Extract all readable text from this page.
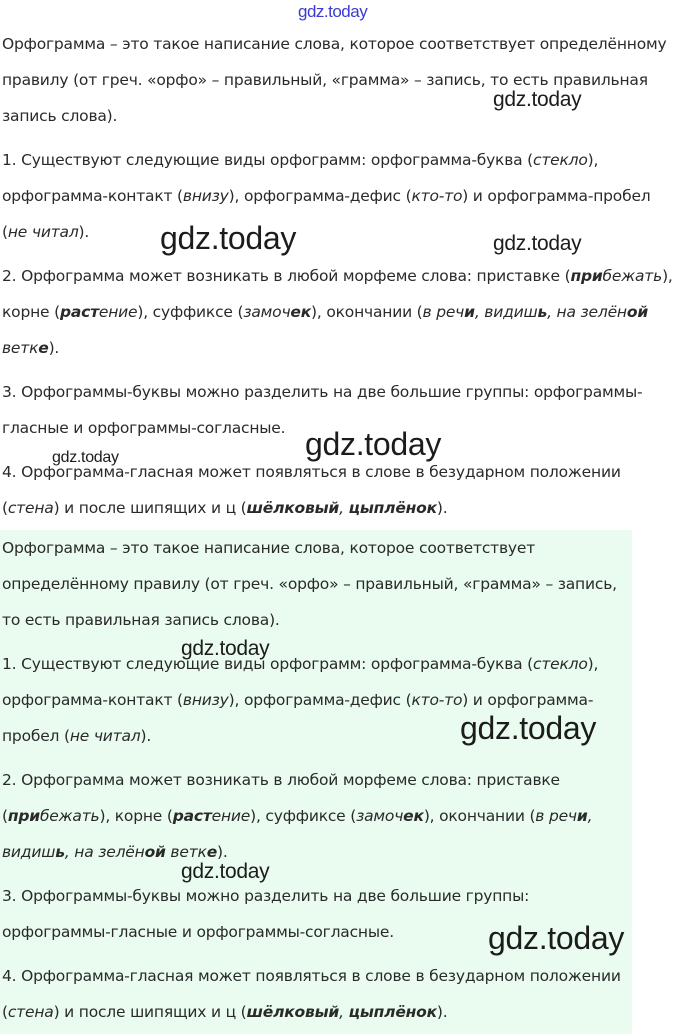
gdz.today

Орфограмма – это такое написание слова, которое соответствует определённому правилу (от греч. «орфо» – правильный, «грамма» – запись, то есть правильная запись слова).

1. Существуют следующие виды орфограмм: орфограмма-буква (стекло), орфограмма-контакт (внизу), орфограмма-дефис (кто-то) и орфограмма-пробел (не читал).

2. Орфограмма может возникать в любой морфеме слова: приставке (прибежать), корне (растение), суффиксе (замочек), окончании (в речи, видишь, на зелёной ветке).

3. Орфограммы-буквы можно разделить на две большие группы: орфограммы-гласные и орфограммы-согласные.

4. Орфограмма-гласная может появляться в слове в безударном положении (стена) и после шипящих и ц (шёлковый, цыплёнок).

Орфограмма – это такое написание слова, которое соответствует определённому правилу (от греч. «орфо» – правильный, «грамма» – запись, то есть правильная запись слова).

1. Существуют следующие виды орфограмм: орфограмма-буква (стекло), орфограмма-контакт (внизу), орфограмма-дефис (кто-то) и орфограмма-пробел (не читал).

2. Орфограмма может возникать в любой морфеме слова: приставке (прибежать), корне (растение), суффиксе (замочек), окончании (в речи, видишь, на зелёной ветке).

3. Орфограммы-буквы можно разделить на две большие группы: орфограммы-гласные и орфограммы-согласные.

4. Орфограмма-гласная может появляться в слове в безударном положении (стена) и после шипящих и ц (шёлковый, цыплёнок).

gdz.today
gdz.today	gdz.today
gdz.today
gdz.today
gdz.today
gdz.today
gdz.today
gdz.today
